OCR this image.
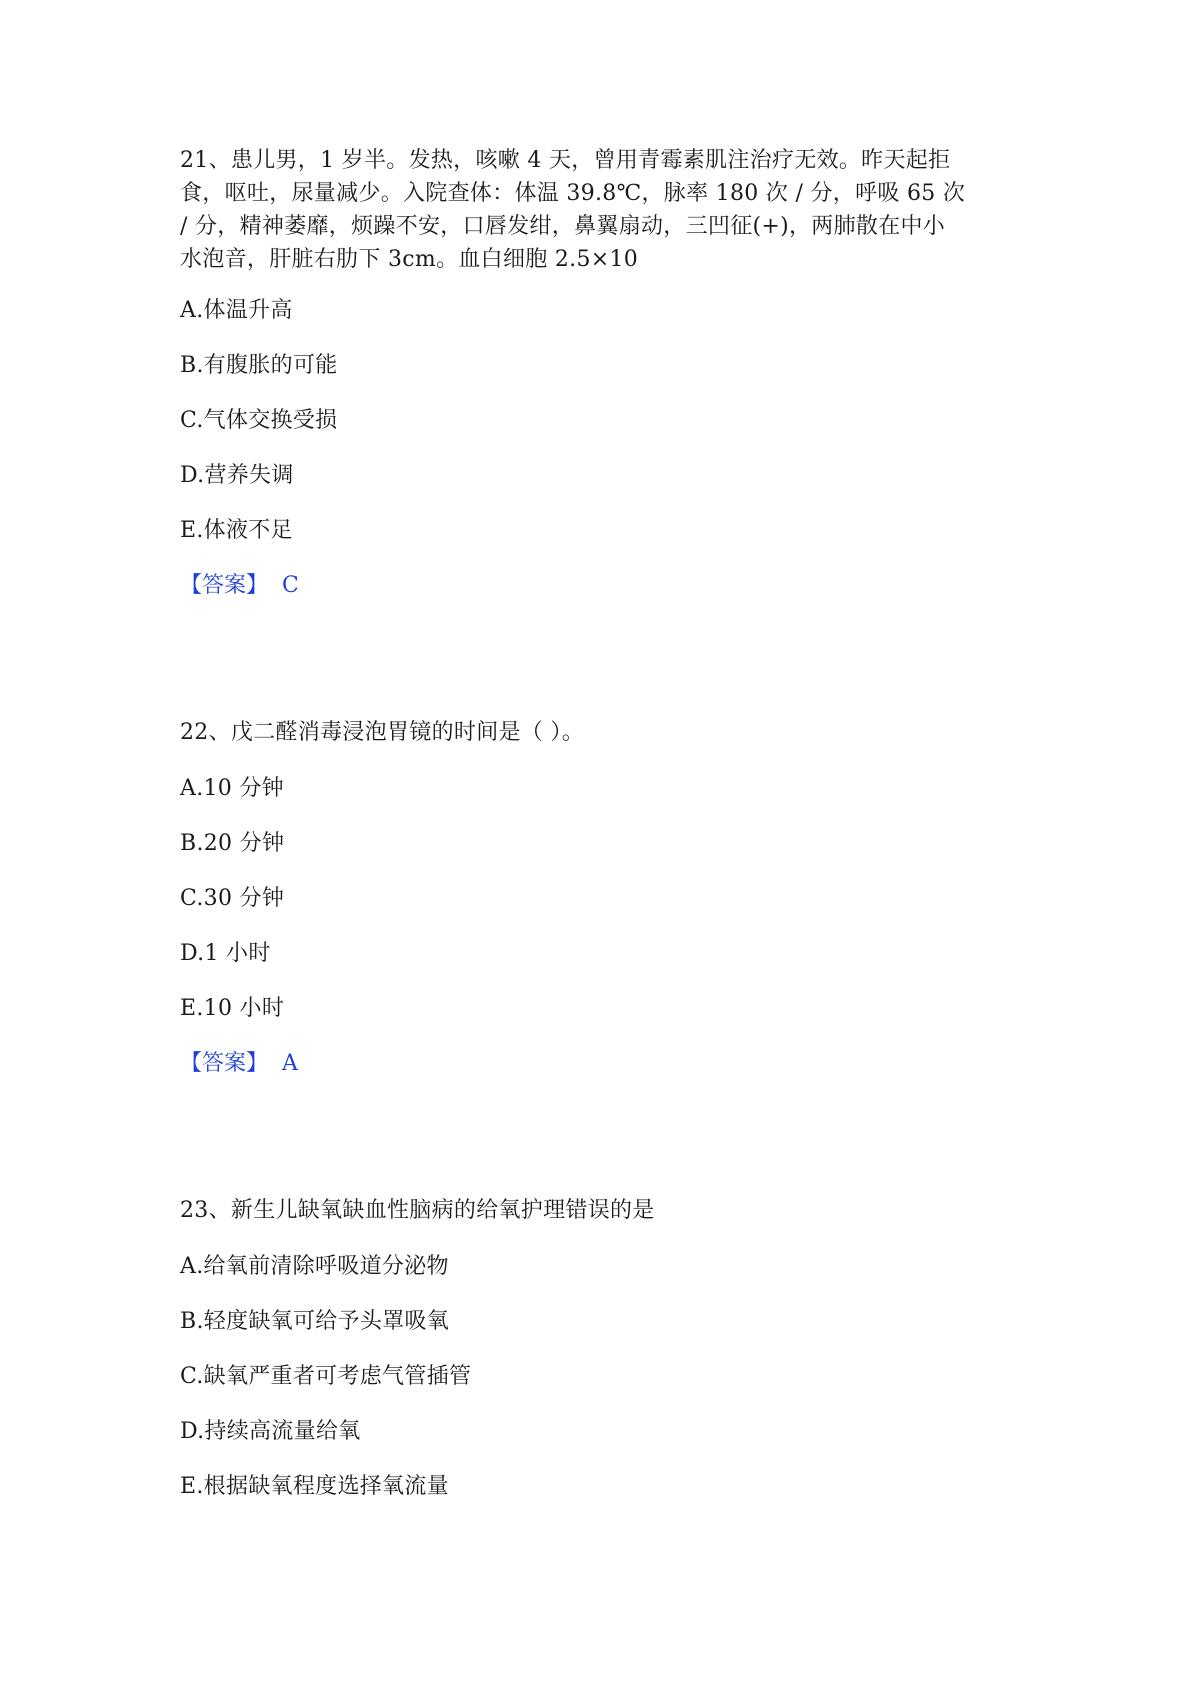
21、患儿男，1 岁半。发热，咳嗽 4 天，曾用青霉素肌注治疗无效。昨天起拒
食，呕吐，尿量减少。入院查体：体温 39.8℃，脉率 180 次 / 分，呼吸 65 次
/ 分，精神萎靡，烦躁不安，口唇发绀，鼻翼扇动，三凹征(+)，两肺散在中小
水泡音，肝脏右肋下 3cm。血白细胞 2.5×10
A.体温升高
B.有腹胀的可能
C.气体交换受损
D.营养失调
E.体液不足
【答案】 C
22、戊二醛消毒浸泡胃镜的时间是（ ）。
A.10 分钟
B.20 分钟
C.30 分钟
D.1 小时
E.10 小时
【答案】 A
23、新生儿缺氧缺血性脑病的给氧护理错误的是
A.给氧前清除呼吸道分泌物
B.轻度缺氧可给予头罩吸氧
C.缺氧严重者可考虑气管插管
D.持续高流量给氧
E.根据缺氧程度选择氧流量
